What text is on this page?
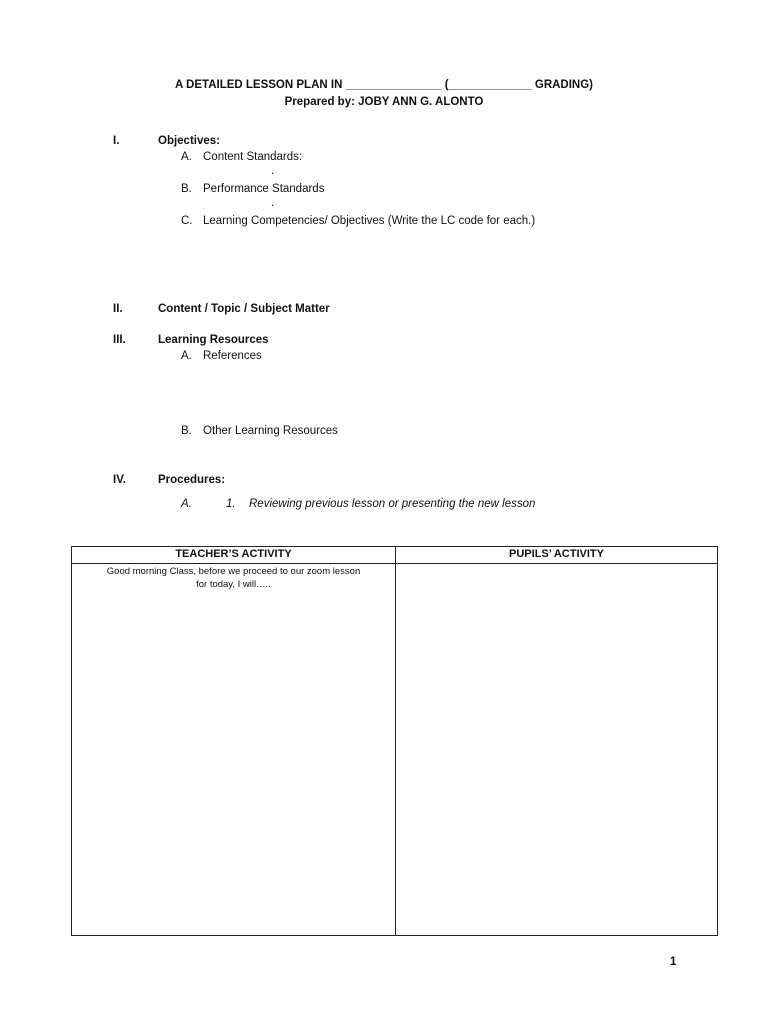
A DETAILED LESSON PLAN IN _______________ (_____________ GRADING)
Prepared by: JOBY ANN G. ALONTO
I.	Objectives:
A. Content Standards:
.
B. Performance Standards
.
C. Learning Competencies/ Objectives (Write the LC code for each.)
II.	Content / Topic / Subject Matter
III.	Learning Resources
A. References
B. Other Learning Resources
IV.	Procedures:
A.	1. Reviewing previous lesson or presenting the new lesson
TEACHER’S ACTIVITY	PUPILS’ ACTIVITY
Good morning Class, before we proceed to our zoom lesson
for today, I will…..
1
